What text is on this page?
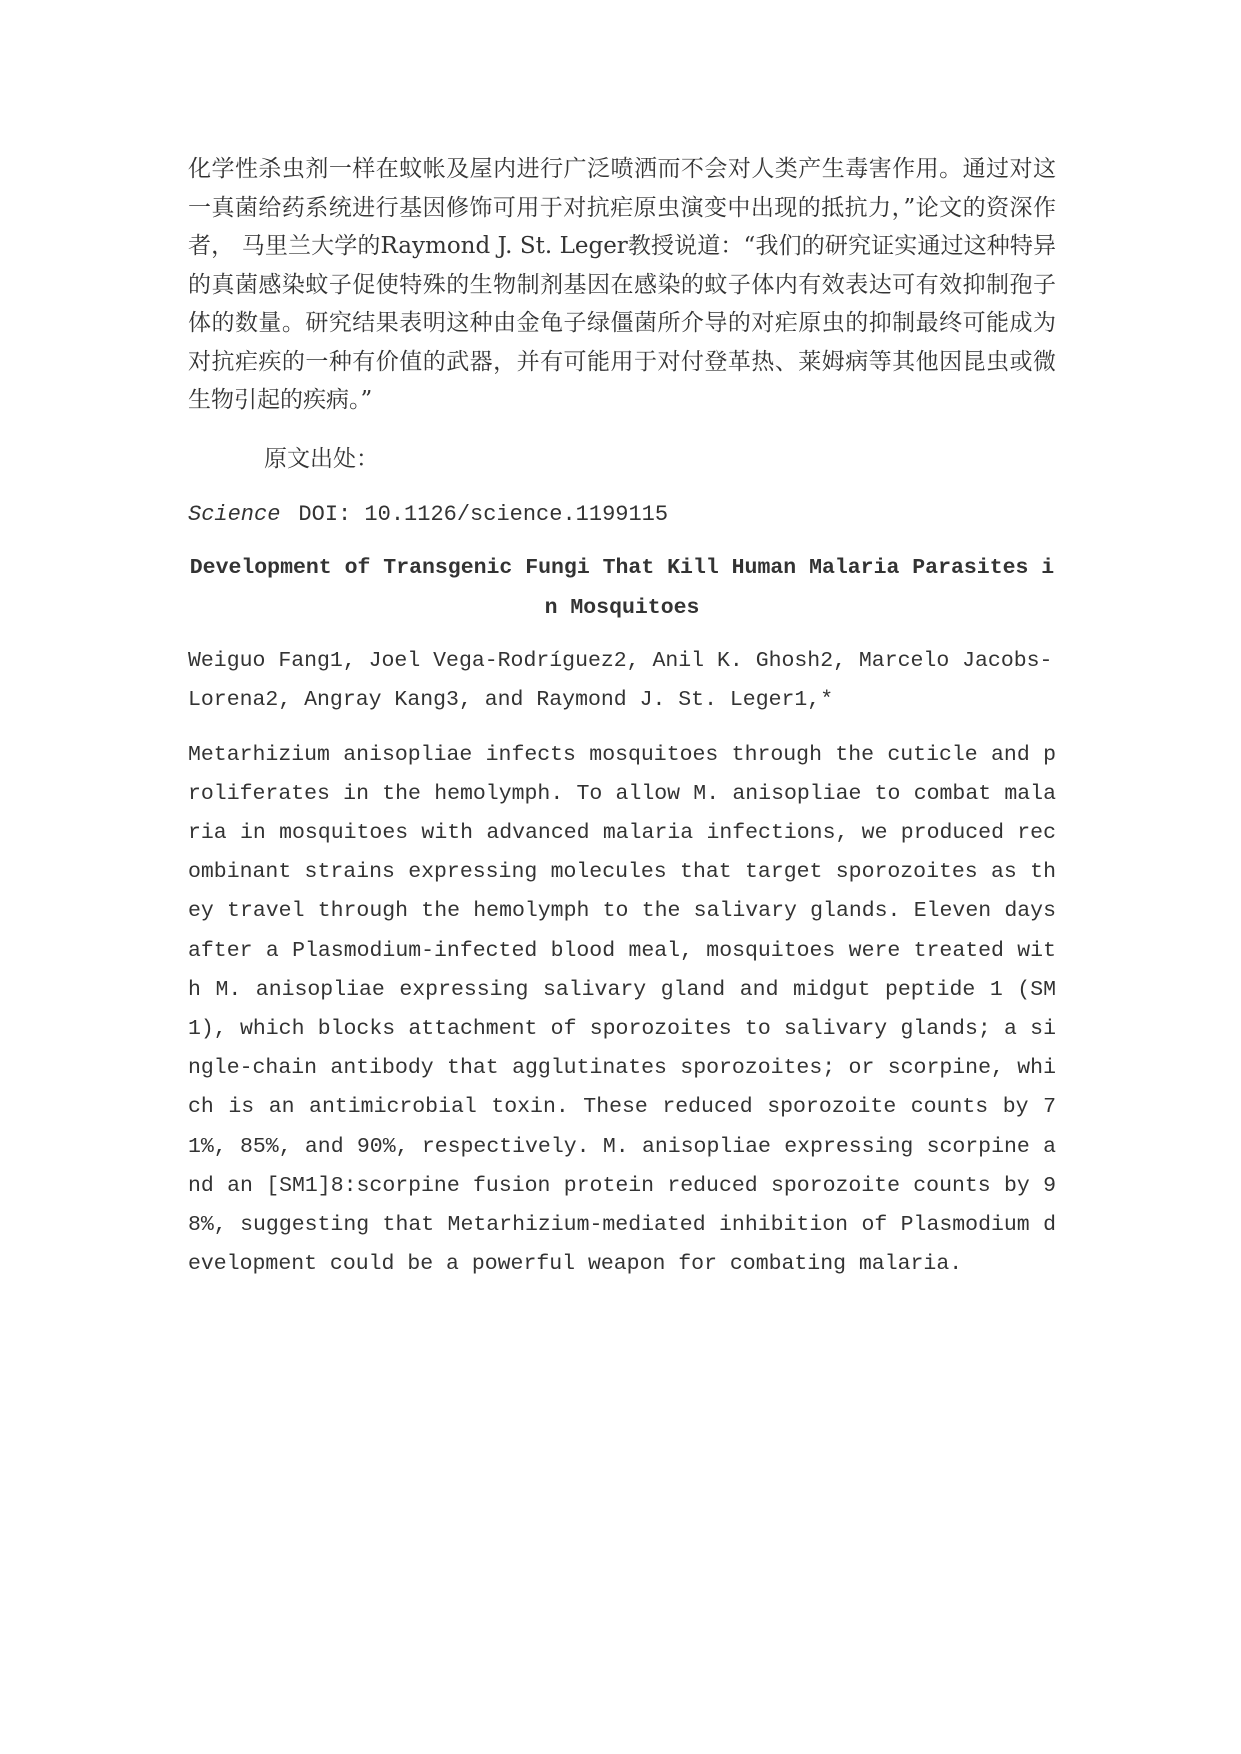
化学性杀虫剂一样在蚊帐及屋内进行广泛喷洒而不会对人类产生毒害作用。通过对这一真菌给药系统进行基因修饰可用于对抗疟原虫演变中出现的抵抗力，”论文的资深作者， 马里兰大学的Raymond J. St. Leger教授说道：“我们的研究证实通过这种特异的真菌感染蚊子促使特殊的生物制剂基因在感染的蚊子体内有效表达可有效抑制孢子体的数量。研究结果表明这种由金龟子绿僵菌所介导的对疟原虫的抑制最终可能成为对抗疟疾的一种有价值的武器，并有可能用于对付登革热、莱姆病等其他因昆虫或微生物引起的疾病。”

原文出处：

Science DOI: 10.1126/science.1199115

Development of Transgenic Fungi That Kill Human Malaria Parasites in Mosquitoes

Weiguo Fang1, Joel Vega-Rodríguez2, Anil K. Ghosh2, Marcelo Jacobs-Lorena2, Angray Kang3, and Raymond J. St. Leger1,*

Metarhizium anisopliae infects mosquitoes through the cuticle and proliferates in the hemolymph. To allow M. anisopliae to combat malaria in mosquitoes with advanced malaria infections, we produced recombinant strains expressing molecules that target sporozoites as they travel through the hemolymph to the salivary glands. Eleven days after a Plasmodium-infected blood meal, mosquitoes were treated with M. anisopliae expressing salivary gland and midgut peptide 1 (SM1), which blocks attachment of sporozoites to salivary glands; a single-chain antibody that agglutinates sporozoites; or scorpine, which is an antimicrobial toxin. These reduced sporozoite counts by 71%, 85%, and 90%, respectively. M. anisopliae expressing scorpine and an [SM1]8:scorpine fusion protein reduced sporozoite counts by 98%, suggesting that Metarhizium-mediated inhibition of Plasmodium development could be a powerful weapon for combating malaria.
